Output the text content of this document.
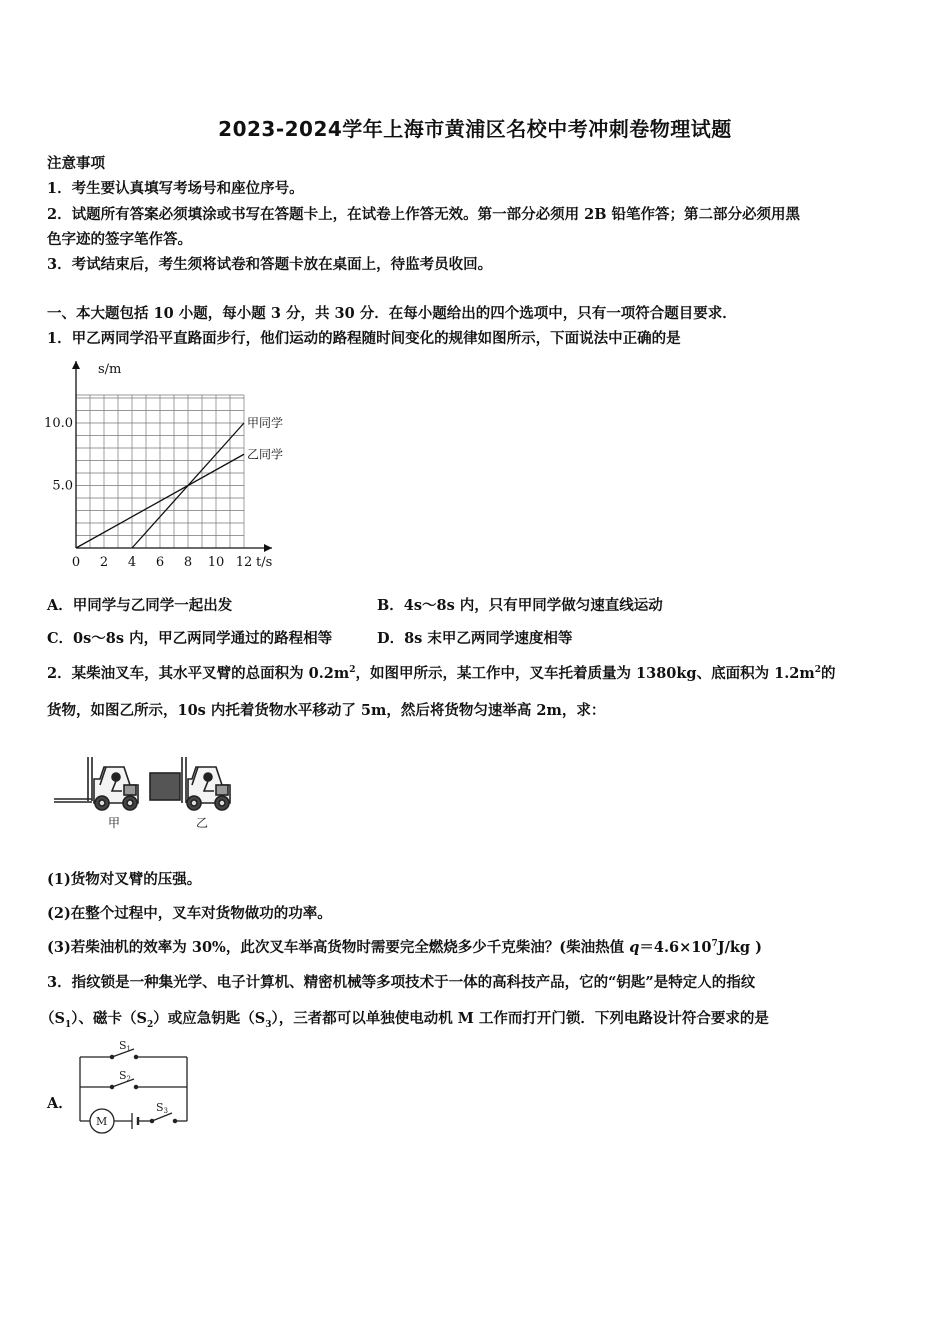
2023-2024学年上海市黄浦区名校中考冲刺卷物理试题
注意事项
1．考生要认真填写考场号和座位序号。
2．试题所有答案必须填涂或书写在答题卡上，在试卷上作答无效。第一部分必须用 2B 铅笔作答；第二部分必须用黑
色字迹的签字笔作答。
3．考试结束后，考生须将试卷和答题卡放在桌面上，待监考员收回。
一、本大题包括 10 小题，每小题 3 分，共 30 分．在每小题给出的四个选项中，只有一项符合题目要求．
1．甲乙两同学沿平直路面步行，他们运动的路程随时间变化的规律如图所示，下面说法中正确的是
甲同学
乙同学
0 2 4 6 8 10 12
5.0
10.0
t/s
s/m
A．甲同学与乙同学一起出发	B．4s～8s 内，只有甲同学做匀速直线运动
C．0s～8s 内，甲乙两同学通过的路程相等	D．8s 末甲乙两同学速度相等
2．某柴油叉车，其水平叉臂的总面积为 $0.2m^2$，如图甲所示，某工作中，叉车托着质量为 1380kg、底面积为 $1.2m^2$的
货物，如图乙所示，10s 内托着货物水平移动了 5m，然后将货物匀速举高 2m，求：
甲	乙
(1)货物对叉臂的压强。
(2)在整个过程中，叉车对货物做功的功率。
(3)若柴油机的效率为 30%，此次叉车举高货物时需要完全燃烧多少千克柴油？(柴油热值 $q=4.6\times 10^7J/kg$ )
3．指纹锁是一种集光学、电子计算机、精密机械等多项技术于一体的高科技产品，它的“钥匙”是特定人的指纹
$(S_1)$、磁卡$(S_2)$或应急钥匙$(S_3)$，三者都可以单独使电动机 M 工作而打开门锁．下列电路设计符合要求的是
A．
S1
S2
S3
M
